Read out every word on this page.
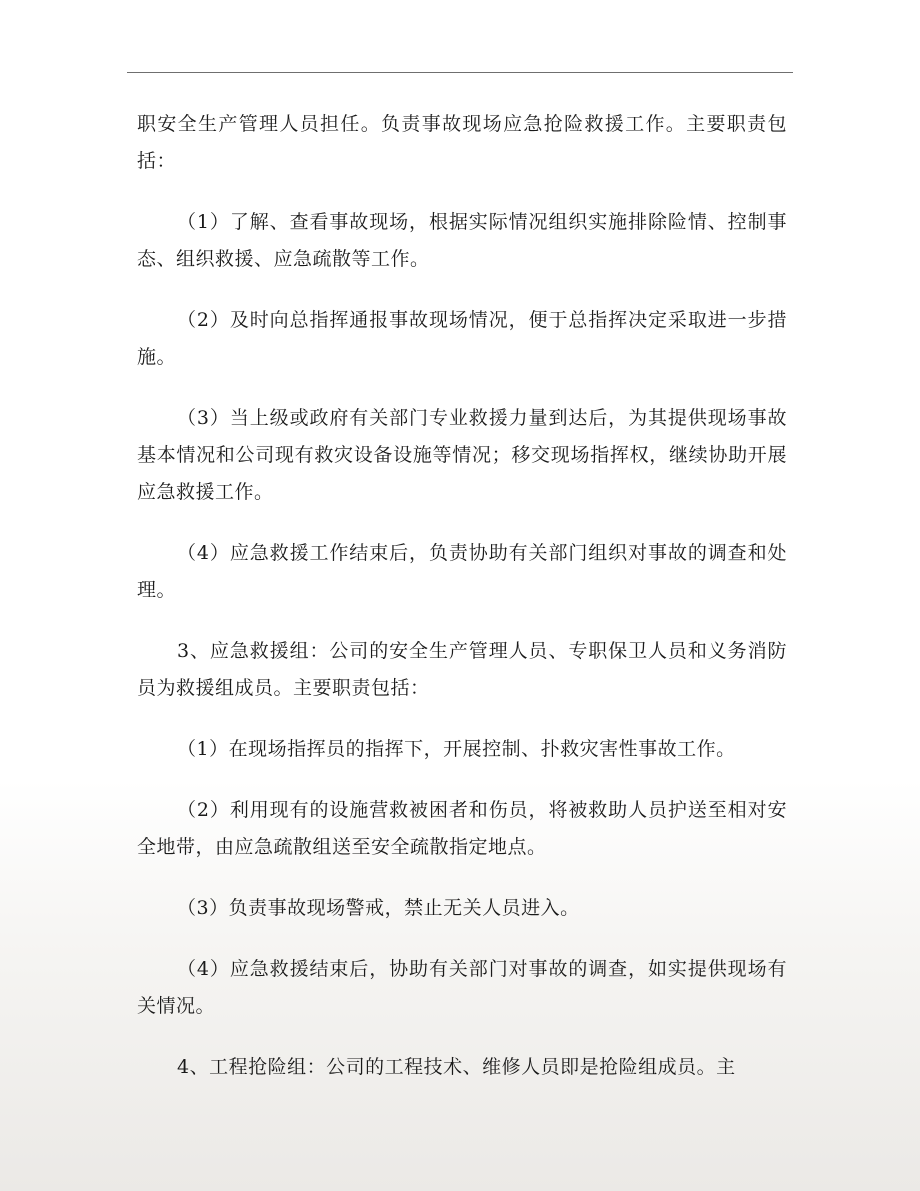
职安全生产管理人员担任。负责事故现场应急抢险救援工作。主要职责包括：

（1）了解、查看事故现场，根据实际情况组织实施排除险情、控制事态、组织救援、应急疏散等工作。

（2）及时向总指挥通报事故现场情况，便于总指挥决定采取进一步措施。

（3）当上级或政府有关部门专业救援力量到达后，为其提供现场事故基本情况和公司现有救灾设备设施等情况；移交现场指挥权，继续协助开展应急救援工作。

（4）应急救援工作结束后，负责协助有关部门组织对事故的调查和处理。

3、应急救援组：公司的安全生产管理人员、专职保卫人员和义务消防员为救援组成员。主要职责包括：

（1）在现场指挥员的指挥下，开展控制、扑救灾害性事故工作。

（2）利用现有的设施营救被困者和伤员，将被救助人员护送至相对安全地带，由应急疏散组送至安全疏散指定地点。

（3）负责事故现场警戒，禁止无关人员进入。

（4）应急救援结束后，协助有关部门对事故的调查，如实提供现场有关情况。

4、工程抢险组：公司的工程技术、维修人员即是抢险组成员。主
